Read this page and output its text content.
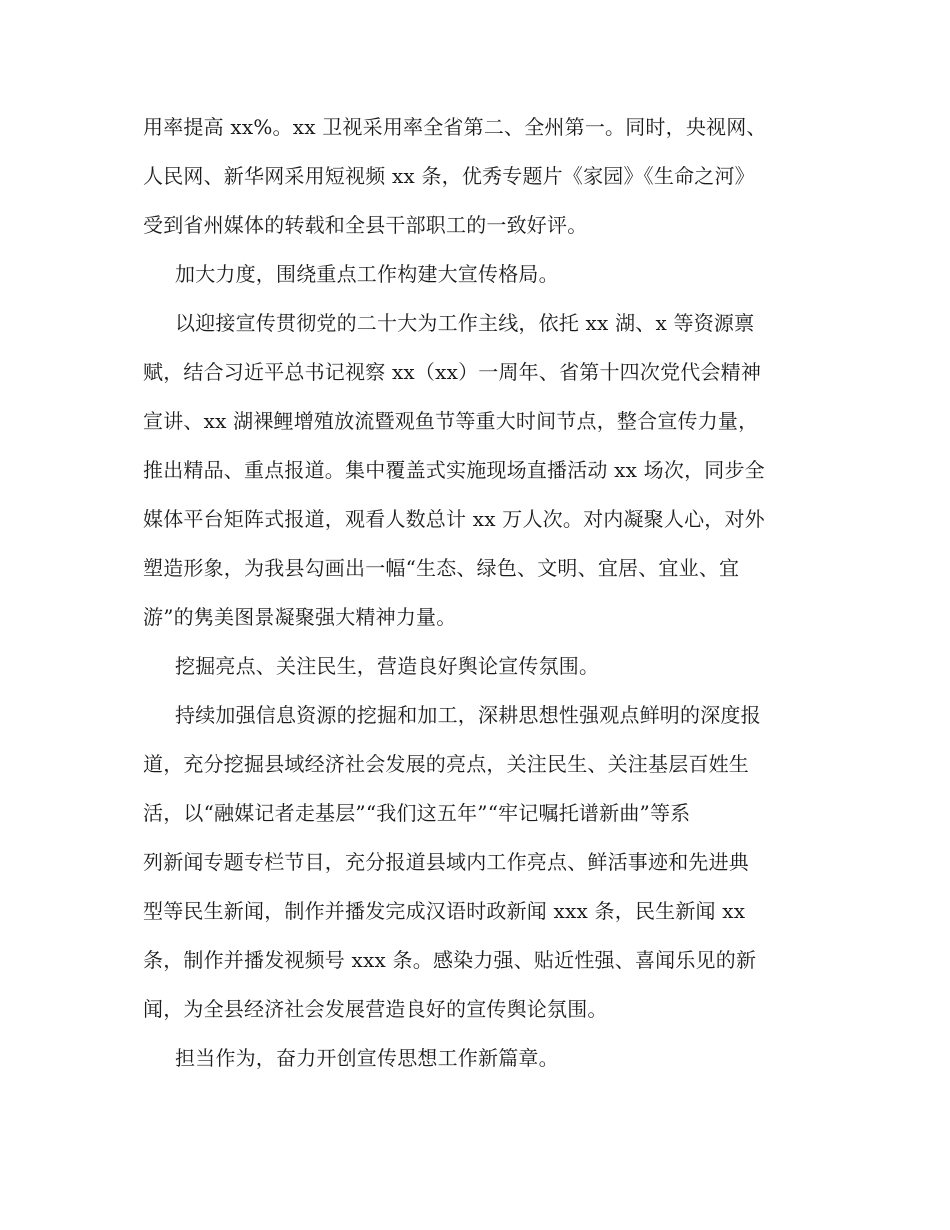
用率提高 xx%。xx 卫视采用率全省第二、全州第一。同时，央视网、
人民网、新华网采用短视频 xx 条，优秀专题片《家园》《生命之河》
受到省州媒体的转载和全县干部职工的一致好评。
加大力度，围绕重点工作构建大宣传格局。
以迎接宣传贯彻党的二十大为工作主线，依托 xx 湖、x 等资源禀
赋，结合习近平总书记视察 xx（xx）一周年、省第十四次党代会精神
宣讲、xx 湖裸鲤增殖放流暨观鱼节等重大时间节点，整合宣传力量，
推出精品、重点报道。集中覆盖式实施现场直播活动 xx 场次，同步全
媒体平台矩阵式报道，观看人数总计 xx 万人次。对内凝聚人心，对外
塑造形象，为我县勾画出一幅“生态、绿色、文明、宜居、宜业、宜
游”的隽美图景凝聚强大精神力量。
挖掘亮点、关注民生，营造良好舆论宣传氛围。
持续加强信息资源的挖掘和加工，深耕思想性强观点鲜明的深度报
道，充分挖掘县域经济社会发展的亮点，关注民生、关注基层百姓生
活，以“融媒记者走基层”“我们这五年”“牢记嘱托谱新曲”等系
列新闻专题专栏节目，充分报道县域内工作亮点、鲜活事迹和先进典
型等民生新闻，制作并播发完成汉语时政新闻 xxx 条，民生新闻 xx
条，制作并播发视频号 xxx 条。感染力强、贴近性强、喜闻乐见的新
闻，为全县经济社会发展营造良好的宣传舆论氛围。
担当作为，奋力开创宣传思想工作新篇章。
